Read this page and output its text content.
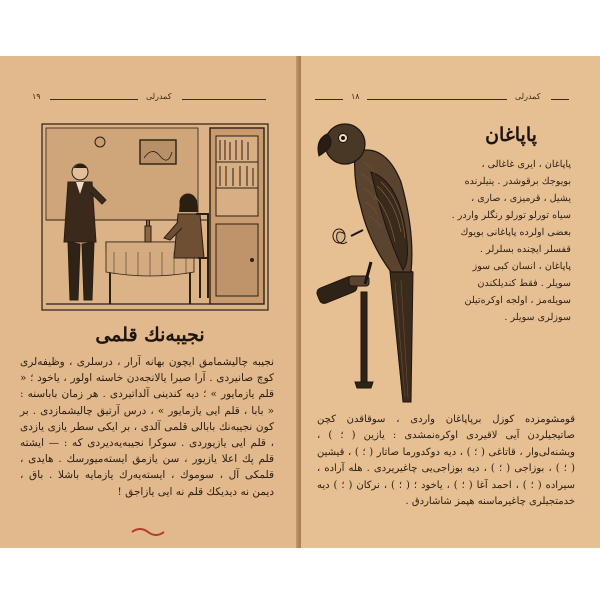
۱۹	کمدرلی
نجیبه‌نك قلمی

نجیبه چالیشمامق ایچون بهانه آرار ، درسلری ، وظیفه‌لری کوچ صانیردی . آرا صیرا یالانجه‌دن خاسته اولور ، یاخود ؛ « قلم یازمایور » ؛ دیه کندینی آلداتیردی . هر زمان باباسنه : « بابا ، قلم ایی یازمایور » ، درس آرتیق چالیشمازدی . بر کون نجیبه‌نك بابالی قلمی آلدی ، بر ایکی سطر یازی یازدی ، قلم ایی یازیوردی . سوکرا نجیبه‌یه‌دیردی که : — ایشته قلم پك اعلا یازیور ، سن یازمق ایسته‌میورسك . هایدی ، قلمکی آل ، سوموك ، ایسته‌یه‌رك یازمایه باشلا . باق ، دیمن نه دیدیکك قلم نه ایی یازاجق !

۱۸	کمدرلی
پاپاغان

پاپاغان ، ایری غاغالی ، بویوجك برقوشدر . ینیلرنده یشیل ، قرمیزی ، صاری ، سیاه تورلو تورلو رنگلر واردر . بعضی اولرده پاپاغانی بویوك قفسلر ایچنده بسلرلر .

پاپاغان ، انسان کبی سوز سویلر . فقط کندیلکندن سویله‌مز ، اولجه اوکره‌تیلن سوزلری سویلر .

قومشومزده کوزل برپاپاغان واردی ، سوقاقدن کچن صاتیجیلردن آیی لاقیردی اوکره‌نمشدی : یازین ( ؛ ) ، ویشنه‌لی‌وار ، قاتاغی ( ؛ ) ، دیه دوکدورما صاتار ( ؛ ) ، قیشین ( ؛ ) ، بوزاجی ( ؛ ) ، دیه بوزاجی‌یی چاغیریردی . هله آراده ، سیراده ( ؛ ) ، احمد آغا ( ؛ ) ، یاخود ؛ ( ؛ ) ، نرکان ( ؛ ) دیه خدمتجیلری چاغیرماسنه هپمز شاشاردق .
